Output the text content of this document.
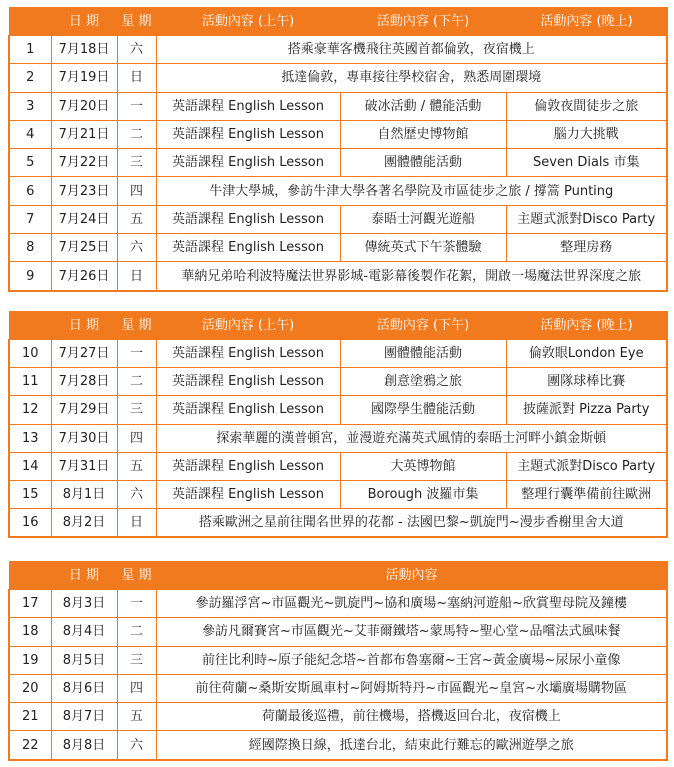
	日 期	星 期	活動內容 (上午)	活動內容 (下午)	活動內容 (晚上)
1	7月18日	六	搭乘豪華客機飛往英國首都倫敦，夜宿機上		
2	7月19日	日	抵達倫敦，專車接往學校宿舍，熟悉周圍環境		
3	7月20日	一	英語課程 English Lesson	破冰活動 / 體能活動	倫敦夜間徒步之旅
4	7月21日	二	英語課程 English Lesson	自然歷史博物館	腦力大挑戰
5	7月22日	三	英語課程 English Lesson	團體體能活動	Seven Dials 市集
6	7月23日	四	牛津大學城，參訪牛津大學各著名學院及市區徒步之旅 / 撐篙 Punting		
7	7月24日	五	英語課程 English Lesson	泰晤士河觀光遊船	主題式派對Disco Party
8	7月25日	六	英語課程 English Lesson	傳統英式下午茶體驗	整理房務
9	7月26日	日	華納兄弟哈利波特魔法世界影城-電影幕後製作花絮，開啟一場魔法世界深度之旅		
	日 期	星 期	活動內容 (上午)	活動內容 (下午)	活動內容 (晚上)
10	7月27日	一	英語課程 English Lesson	團體體能活動	倫敦眼London Eye
11	7月28日	二	英語課程 English Lesson	創意塗鴉之旅	團隊球棒比賽
12	7月29日	三	英語課程 English Lesson	國際學生體能活動	披薩派對 Pizza Party
13	7月30日	四	探索華麗的漢普頓宮，並漫遊充滿英式風情的泰晤士河畔小鎮金斯頓		
14	7月31日	五	英語課程 English Lesson	大英博物館	主題式派對Disco Party
15	8月1日	六	英語課程 English Lesson	Borough 波羅市集	整理行囊準備前往歐洲
16	8月2日	日	搭乘歐洲之星前往聞名世界的花都 - 法國巴黎~凱旋門~漫步香榭里舍大道		
	日 期	星 期	活動內容
17	8月3日	一	參訪羅浮宮~市區觀光~凱旋門~協和廣場~塞納河遊船~欣賞聖母院及鐘樓
18	8月4日	二	參訪凡爾賽宮~市區觀光~艾菲爾鐵塔~蒙馬特~聖心堂~品嚐法式風味餐
19	8月5日	三	前往比利時~原子能紀念塔~首都布魯塞爾~王宮~黃金廣場~尿尿小童像
20	8月6日	四	前往荷蘭~桑斯安斯風車村~阿姆斯特丹~市區觀光~皇宮~水壩廣場購物區
21	8月7日	五	荷蘭最後巡禮，前往機場，搭機返回台北，夜宿機上
22	8月8日	六	經國際換日線，抵達台北，結束此行難忘的歐洲遊學之旅
